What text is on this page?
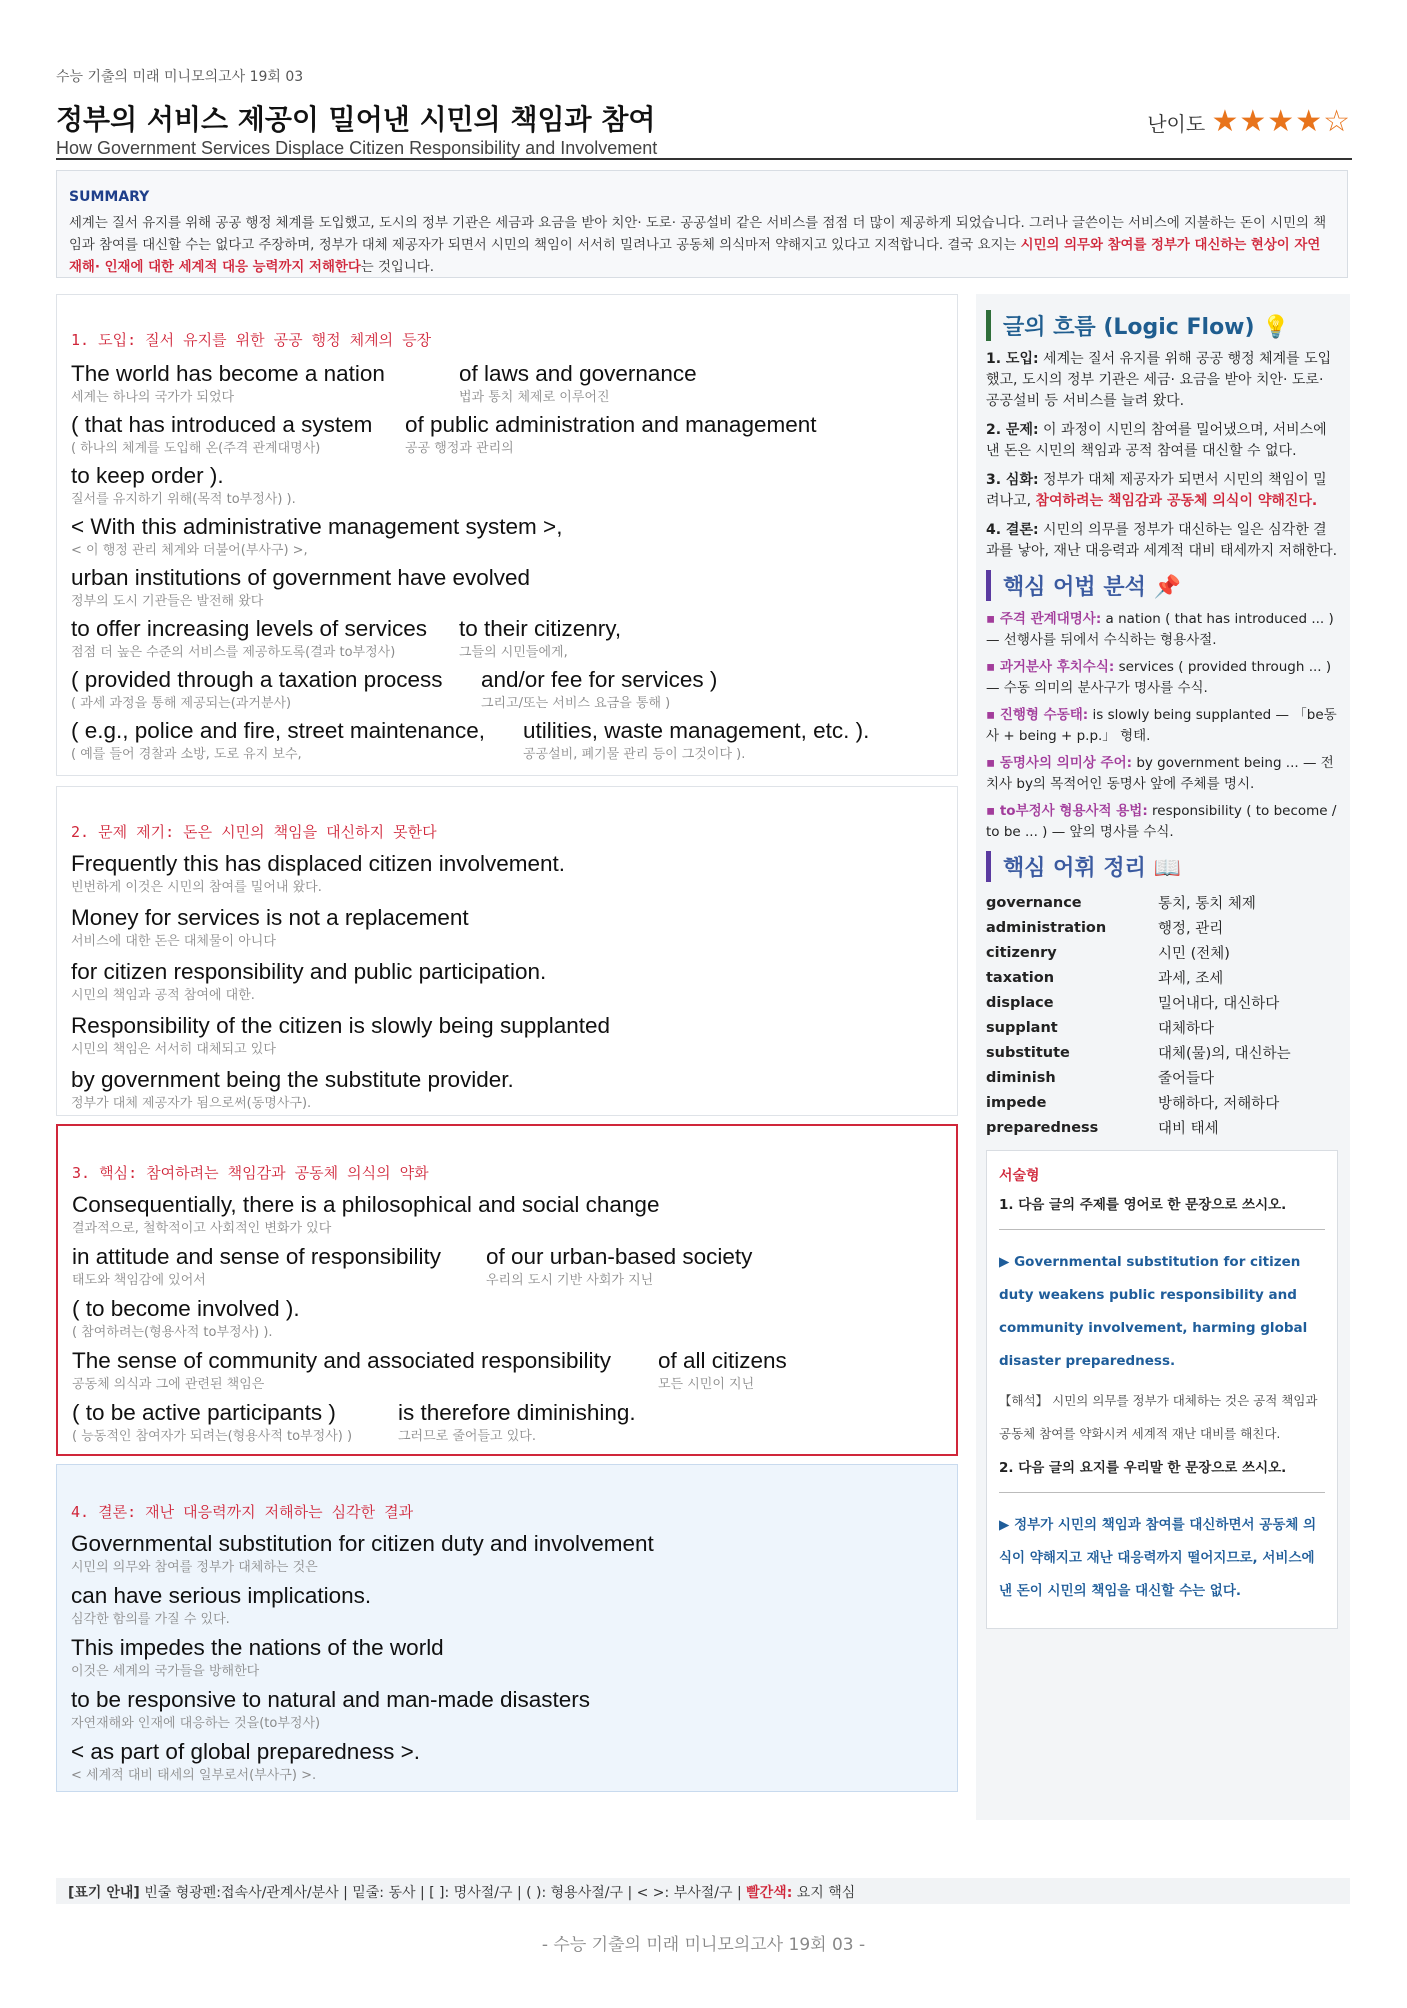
수능 기출의 미래 미니모의고사 19회 03
정부의 서비스 제공이 밀어낸 시민의 책임과 참여
How Government Services Displace Citizen Responsibility and Involvement
난이도 ★★★★☆
SUMMARY

세계는 질서 유지를 위해 공공 행정 체계를 도입했고, 도시의 정부 기관은 세금과 요금을 받아 치안· 도로· 공공설비 같은 서비스를 점점 더 많이 제공하게 되었습니다. 그러나 글쓴이는 서비스에 지불하는 돈이 시민의 책임과 참여를 대신할 수는 없다고 주장하며, 정부가 대체 제공자가 되면서 시민의 책임이 서서히 밀려나고 공동체 의식마저 약해지고 있다고 지적합니다. 결국 요지는 시민의 의무와 참여를 정부가 대신하는 현상이 자연재해· 인재에 대한 세계적 대응 능력까지 저해한다는 것입니다.

1. 도입: 질서 유지를 위한 공공 행정 체계의 등장
The world has become a nation
세계는 하나의 국가가 되었다
of laws and governance
법과 통치 체제로 이루어진
( that has introduced a system
( 하나의 체계를 도입해 온(주격 관계대명사)
of public administration and management
공공 행정과 관리의
to keep order ).
질서를 유지하기 위해(목적 to부정사) ).
< With this administrative management system >,
< 이 행정 관리 체계와 더불어(부사구) >,
urban institutions of government have evolved
정부의 도시 기관들은 발전해 왔다
to offer increasing levels of services
점점 더 높은 수준의 서비스를 제공하도록(결과 to부정사)
to their citizenry,
그들의 시민들에게,
( provided through a taxation process
( 과세 과정을 통해 제공되는(과거분사)
and/or fee for services )
그리고/또는 서비스 요금을 통해 )
( e.g., police and fire, street maintenance,
( 예를 들어 경찰과 소방, 도로 유지 보수,
utilities, waste management, etc. ).
공공설비, 폐기물 관리 등이 그것이다 ).
2. 문제 제기: 돈은 시민의 책임을 대신하지 못한다
Frequently this has displaced citizen involvement.
빈번하게 이것은 시민의 참여를 밀어내 왔다.
Money for services is not a replacement
서비스에 대한 돈은 대체물이 아니다
for citizen responsibility and public participation.
시민의 책임과 공적 참여에 대한.
Responsibility of the citizen is slowly being supplanted
시민의 책임은 서서히 대체되고 있다
by government being the substitute provider.
정부가 대체 제공자가 됨으로써(동명사구).
3. 핵심: 참여하려는 책임감과 공동체 의식의 약화
Consequentially, there is a philosophical and social change
결과적으로, 철학적이고 사회적인 변화가 있다
in attitude and sense of responsibility
태도와 책임감에 있어서
of our urban-based society
우리의 도시 기반 사회가 지닌
( to become involved ).
( 참여하려는(형용사적 to부정사) ).
The sense of community and associated responsibility
공동체 의식과 그에 관련된 책임은
of all citizens
모든 시민이 지닌
( to be active participants )
( 능동적인 참여자가 되려는(형용사적 to부정사) )
is therefore diminishing.
그러므로 줄어들고 있다.
4. 결론: 재난 대응력까지 저해하는 심각한 결과
Governmental substitution for citizen duty and involvement
시민의 의무와 참여를 정부가 대체하는 것은
can have serious implications.
심각한 함의를 가질 수 있다.
This impedes the nations of the world
이것은 세계의 국가들을 방해한다
to be responsive to natural and man-made disasters
자연재해와 인재에 대응하는 것을(to부정사)
< as part of global preparedness >.
< 세계적 대비 태세의 일부로서(부사구) >.
글의 흐름 (Logic Flow) 💡

1. 도입: 세계는 질서 유지를 위해 공공 행정 체계를 도입했고, 도시의 정부 기관은 세금· 요금을 받아 치안· 도로· 공공설비 등 서비스를 늘려 왔다.

2. 문제: 이 과정이 시민의 참여를 밀어냈으며, 서비스에 낸 돈은 시민의 책임과 공적 참여를 대신할 수 없다.

3. 심화: 정부가 대체 제공자가 되면서 시민의 책임이 밀려나고, 참여하려는 책임감과 공동체 의식이 약해진다.

4. 결론: 시민의 의무를 정부가 대신하는 일은 심각한 결과를 낳아, 재난 대응력과 세계적 대비 태세까지 저해한다.

핵심 어법 분석 📌

▪ 주격 관계대명사: a nation ( that has introduced ... ) — 선행사를 뒤에서 수식하는 형용사절.

▪ 과거분사 후치수식: services ( provided through ... ) — 수동 의미의 분사구가 명사를 수식.

▪ 진행형 수동태: is slowly being supplanted — 「be동사 + being + p.p.」 형태.

▪ 동명사의 의미상 주어: by government being ... — 전치사 by의 목적어인 동명사 앞에 주체를 명시.

▪ to부정사 형용사적 용법: responsibility ( to become / to be ... ) — 앞의 명사를 수식.

핵심 어휘 정리 📖
governance	통치, 통치 체제
administration	행정, 관리
citizenry	시민 (전체)
taxation	과세, 조세
displace	밀어내다, 대신하다
supplant	대체하다
substitute	대체(물)의, 대신하는
diminish	줄어들다
impede	방해하다, 저해하다
preparedness	대비 태세
서술형
1. 다음 글의 주제를 영어로 한 문장으로 쓰시오.
▶ Governmental substitution for citizen duty weakens public responsibility and community involvement, harming global disaster preparedness.
【해석】 시민의 의무를 정부가 대체하는 것은 공적 책임과 공동체 참여를 약화시켜 세계적 재난 대비를 해친다.
2. 다음 글의 요지를 우리말 한 문장으로 쓰시오.
▶ 정부가 시민의 책임과 참여를 대신하면서 공동체 의식이 약해지고 재난 대응력까지 떨어지므로, 서비스에 낸 돈이 시민의 책임을 대신할 수는 없다.
[표기 안내] 빈줄 형광펜:접속사/관계사/분사 | 밑줄: 동사 | [ ]: 명사절/구 | ( ): 형용사절/구 | < >: 부사절/구 | 빨간색: 요지 핵심
- 수능 기출의 미래 미니모의고사 19회 03 -
